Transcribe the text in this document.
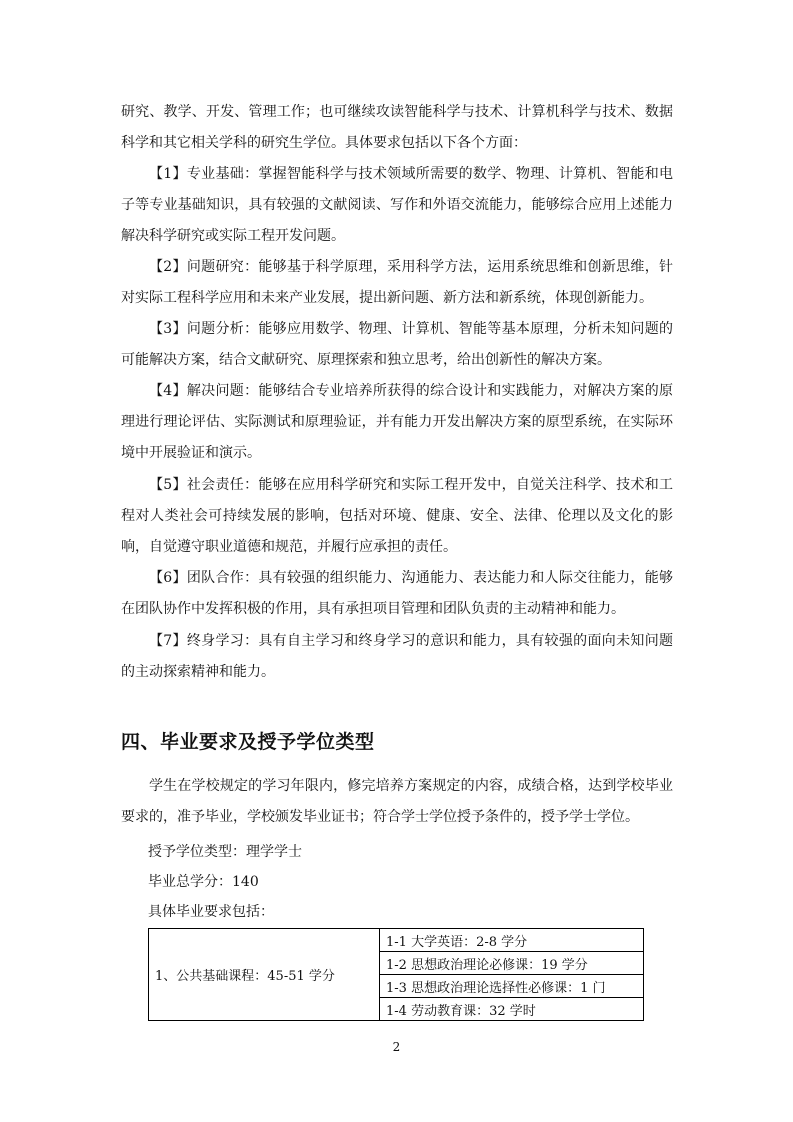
研究、教学、开发、管理工作；也可继续攻读智能科学与技术、计算机科学与技术、数据科学和其它相关学科的研究生学位。具体要求包括以下各个方面：

【1】专业基础：掌握智能科学与技术领域所需要的数学、物理、计算机、智能和电子等专业基础知识，具有较强的文献阅读、写作和外语交流能力，能够综合应用上述能力解决科学研究或实际工程开发问题。

【2】问题研究：能够基于科学原理，采用科学方法，运用系统思维和创新思维，针对实际工程科学应用和未来产业发展，提出新问题、新方法和新系统，体现创新能力。

【3】问题分析：能够应用数学、物理、计算机、智能等基本原理，分析未知问题的可能解决方案，结合文献研究、原理探索和独立思考，给出创新性的解决方案。

【4】解决问题：能够结合专业培养所获得的综合设计和实践能力，对解决方案的原理进行理论评估、实际测试和原理验证，并有能力开发出解决方案的原型系统，在实际环境中开展验证和演示。

【5】社会责任：能够在应用科学研究和实际工程开发中，自觉关注科学、技术和工程对人类社会可持续发展的影响，包括对环境、健康、安全、法律、伦理以及文化的影响，自觉遵守职业道德和规范，并履行应承担的责任。

【6】团队合作：具有较强的组织能力、沟通能力、表达能力和人际交往能力，能够在团队协作中发挥积极的作用，具有承担项目管理和团队负责的主动精神和能力。

【7】终身学习：具有自主学习和终身学习的意识和能力，具有较强的面向未知问题的主动探索精神和能力。

四、毕业要求及授予学位类型

学生在学校规定的学习年限内，修完培养方案规定的内容，成绩合格，达到学校毕业要求的，准予毕业，学校颁发毕业证书；符合学士学位授予条件的，授予学士学位。

授予学位类型：理学学士

毕业总学分：140

具体毕业要求包括：

1、公共基础课程：45-51 学分	1-1 大学英语：2-8 学分
1-2 思想政治理论必修课：19 学分
1-3 思想政治理论选择性必修课：1 门
1-4 劳动教育课：32 学时
2
